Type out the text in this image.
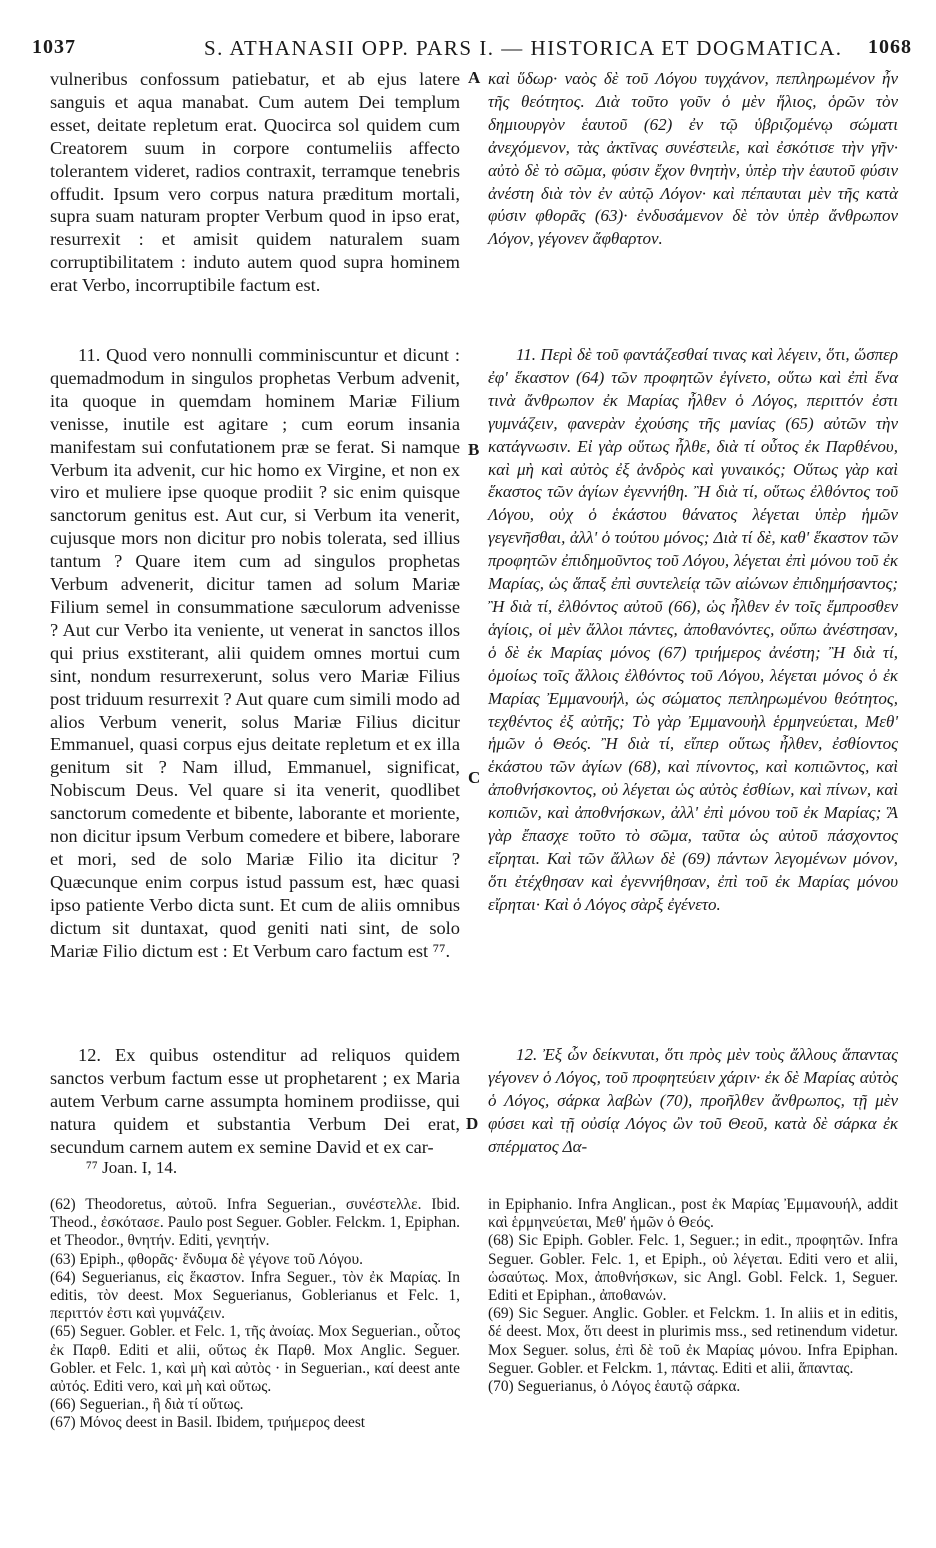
1037	S. ATHANASII OPP. PARS I. — HISTORICA ET DOGMATICA. 1068

vulneribus confossum patiebatur, et ab ejus latere sanguis et aqua manabat. Cum autem Dei templum esset, deitate repletum erat. Quocirca sol quidem cum Creatorem suum in corpore contumeliis affecto tolerantem videret, radios contraxit, terramque tenebris offudit. Ipsum vero corpus natura præditum mortali, supra suam naturam propter Verbum quod in ipso erat, resurrexit : et amisit quidem naturalem suam corruptibilitatem : induto autem quod supra hominem erat Verbo, incorruptibile factum est.

καὶ ὕδωρ· ναὸς δὲ τοῦ Λόγου τυγχάνον, πεπληρωμένον ἦν τῆς θεότητος. Διὰ τοῦτο γοῦν ὁ μὲν ἥλιος, ὁρῶν τὸν δημιουργὸν ἑαυτοῦ (62) ἐν τῷ ὑβριζομένῳ σώματι ἀνεχόμενον, τὰς ἀκτῖνας συνέστειλε, καὶ ἐσκότισε τὴν γῆν· αὐτὸ δὲ τὸ σῶμα, φύσιν ἔχον θνητὴν, ὑπὲρ τὴν ἑαυτοῦ φύσιν ἀνέστη διὰ τὸν ἐν αὐτῷ Λόγον· καὶ πέπαυται μὲν τῆς κατὰ φύσιν φθορᾶς (63)· ἐνδυσάμενον δὲ τὸν ὑπὲρ ἄνθρωπον Λόγον, γέγονεν ἄφθαρτον.

11. Quod vero nonnulli comminiscuntur et dicunt : quemadmodum in singulos prophetas Verbum advenit, ita quoque in quemdam hominem Mariæ Filium venisse, inutile est agitare ; cum eorum insania manifestam sui confutationem præ se ferat. Si namque Verbum ita advenit, cur hic homo ex Virgine, et non ex viro et muliere ipse quoque prodiit ? sic enim quisque sanctorum genitus est. Aut cur, si Verbum ita venerit, cujusque mors non dicitur pro nobis tolerata, sed illius tantum ? Quare item cum ad singulos prophetas Verbum advenerit, dicitur tamen ad solum Mariæ Filium semel in consummatione sæculorum advenisse ? Aut cur Verbo ita veniente, ut venerat in sanctos illos qui prius exstiterant, alii quidem omnes mortui cum sint, nondum resurrexerunt, solus vero Mariæ Filius post triduum resurrexit ? Aut quare cum simili modo ad alios Verbum venerit, solus Mariæ Filius dicitur Emmanuel, quasi corpus ejus deitate repletum et ex illa genitum sit ? Nam illud, Emmanuel, significat, Nobiscum Deus. Vel quare si ita venerit, quodlibet sanctorum comedente et bibente, laborante et moriente, non dicitur ipsum Verbum comedere et bibere, laborare et mori, sed de solo Mariæ Filio ita dicitur ? Quæcunque enim corpus istud passum est, hæc quasi ipso patiente Verbo dicta sunt. Et cum de aliis omnibus dictum sit duntaxat, quod geniti nati sint, de solo Mariæ Filio dictum est : Et Verbum caro factum est ⁷⁷.

11. Περὶ δὲ τοῦ φαντάζεσθαί τινας καὶ λέγειν, ὅτι, ὥσπερ ἐφ' ἕκαστον (64) τῶν προφητῶν ἐγίνετο, οὕτω καὶ ἐπὶ ἕνα τινὰ ἄνθρωπον ἐκ Μαρίας ἦλθεν ὁ Λόγος, περιττόν ἐστι γυμνάζειν, φανερὰν ἐχούσης τῆς μανίας (65) αὐτῶν τὴν κατάγνωσιν. Εἰ γὰρ οὕτως ἦλθε, διὰ τί οὗτος ἐκ Παρθένου, καὶ μὴ καὶ αὐτὸς ἐξ ἀνδρὸς καὶ γυναικός; Οὕτως γὰρ καὶ ἕκαστος τῶν ἁγίων ἐγεννήθη. Ἢ διὰ τί, οὕτως ἐλθόντος τοῦ Λόγου, οὐχ ὁ ἑκάστου θάνατος λέγεται ὑπὲρ ἡμῶν γεγενῆσθαι, ἀλλ' ὁ τούτου μόνος; Διὰ τί δὲ, καθ' ἕκαστον τῶν προφητῶν ἐπιδημοῦντος τοῦ Λόγου, λέγεται ἐπὶ μόνου τοῦ ἐκ Μαρίας, ὡς ἅπαξ ἐπὶ συντελείᾳ τῶν αἰώνων ἐπιδημήσαντος; Ἢ διὰ τί, ἐλθόντος αὐτοῦ (66), ὡς ἦλθεν ἐν τοῖς ἔμπροσθεν ἁγίοις, οἱ μὲν ἄλλοι πάντες, ἀποθανόντες, οὔπω ἀνέστησαν, ὁ δὲ ἐκ Μαρίας μόνος (67) τριήμερος ἀνέστη; Ἢ διὰ τί, ὁμοίως τοῖς ἄλλοις ἐλθόντος τοῦ Λόγου, λέγεται μόνος ὁ ἐκ Μαρίας Ἐμμανουήλ, ὡς σώματος πεπληρωμένου θεότητος, τεχθέντος ἐξ αὐτῆς; Τὸ γὰρ Ἐμμανουὴλ ἑρμηνεύεται, Μεθ' ἡμῶν ὁ Θεός. Ἢ διὰ τί, εἴπερ οὕτως ἦλθεν, ἐσθίοντος ἑκάστου τῶν ἁγίων (68), καὶ πίνοντος, καὶ κοπιῶντος, καὶ ἀποθνήσκοντος, οὐ λέγεται ὡς αὐτὸς ἐσθίων, καὶ πίνων, καὶ κοπιῶν, καὶ ἀποθνήσκων, ἀλλ' ἐπὶ μόνου τοῦ ἐκ Μαρίας; Ἃ γὰρ ἔπασχε τοῦτο τὸ σῶμα, ταῦτα ὡς αὐτοῦ πάσχοντος εἴρηται. Καὶ τῶν ἄλλων δὲ (69) πάντων λεγομένων μόνον, ὅτι ἐτέχθησαν καὶ ἐγεννήθησαν, ἐπὶ τοῦ ἐκ Μαρίας μόνου εἴρηται· Καὶ ὁ Λόγος σὰρξ ἐγένετο.

12. Ex quibus ostenditur ad reliquos quidem sanctos verbum factum esse ut prophetarent ; ex Maria autem Verbum carne assumpta hominem prodiisse, qui natura quidem et substantia Verbum Dei erat, secundum carnem autem ex semine David et ex car-

12. Ἐξ ὧν δείκνυται, ὅτι πρὸς μὲν τοὺς ἄλλους ἅπαντας γέγονεν ὁ Λόγος, τοῦ προφητεύειν χάριν· ἐκ δὲ Μαρίας αὐτὸς ὁ Λόγος, σάρκα λαβὼν (70), προῆλθεν ἄνθρωπος, τῇ μὲν φύσει καὶ τῇ οὐσίᾳ Λόγος ὢν τοῦ Θεοῦ, κατὰ δὲ σάρκα ἐκ σπέρματος Δα-

A
B
C
D
⁷⁷ Joan. I, 14.

(62) Theodoretus, αὐτοῦ. Infra Seguerian., συνέστελλε. Ibid. Theod., ἐσκότασε. Paulo post Seguer. Gobler. Felckm. 1, Epiphan. et Theodor., θνητήν. Editi, γενητήν.

(63) Epiph., φθορᾶς· ἔνδυμα δὲ γέγονε τοῦ Λόγου.

(64) Seguerianus, εἰς ἕκαστον. Infra Seguer., τὸν ἐκ Μαρίας. In editis, τὸν deest. Mox Seguerianus, Goblerianus et Felc. 1, περιττόν ἐστι καὶ γυμνάζειν.

(65) Seguer. Gobler. et Felc. 1, τῆς ἀνοίας. Mox Seguerian., οὗτος ἐκ Παρθ. Editi et alii, οὕτως ἐκ Παρθ. Mox Anglic. Seguer. Gobler. et Felc. 1, καὶ μὴ καὶ αὐτὸς · in Seguerian., καί deest ante αὐτός. Editi vero, καὶ μὴ καὶ οὕτως.

(66) Seguerian., ἢ διὰ τί οὕτως.

(67) Μόνος deest in Basil. Ibidem, τριήμερος deest

in Epiphanio. Infra Anglican., post ἐκ Μαρίας Ἐμμανουήλ, addit καὶ ἑρμηνεύεται, Μεθ' ἡμῶν ὁ Θεός.

(68) Sic Epiph. Gobler. Felc. 1, Seguer.; in edit., προφητῶν. Infra Seguer. Gobler. Felc. 1, et Epiph., οὐ λέγεται. Editi vero et alii, ὡσαύτως. Mox, ἀποθνήσκων, sic Angl. Gobl. Felck. 1, Seguer. Editi et Epiphan., ἀποθανών.

(69) Sic Seguer. Anglic. Gobler. et Felckm. 1. In aliis et in editis, δέ deest. Mox, ὅτι deest in plurimis mss., sed retinendum videtur. Mox Seguer. solus, ἐπὶ δὲ τοῦ ἐκ Μαρίας μόνου. Infra Epiphan. Seguer. Gobler. et Felckm. 1, πάντας. Editi et alii, ἅπαντας.

(70) Seguerianus, ὁ Λόγος ἑαυτῷ σάρκα.
